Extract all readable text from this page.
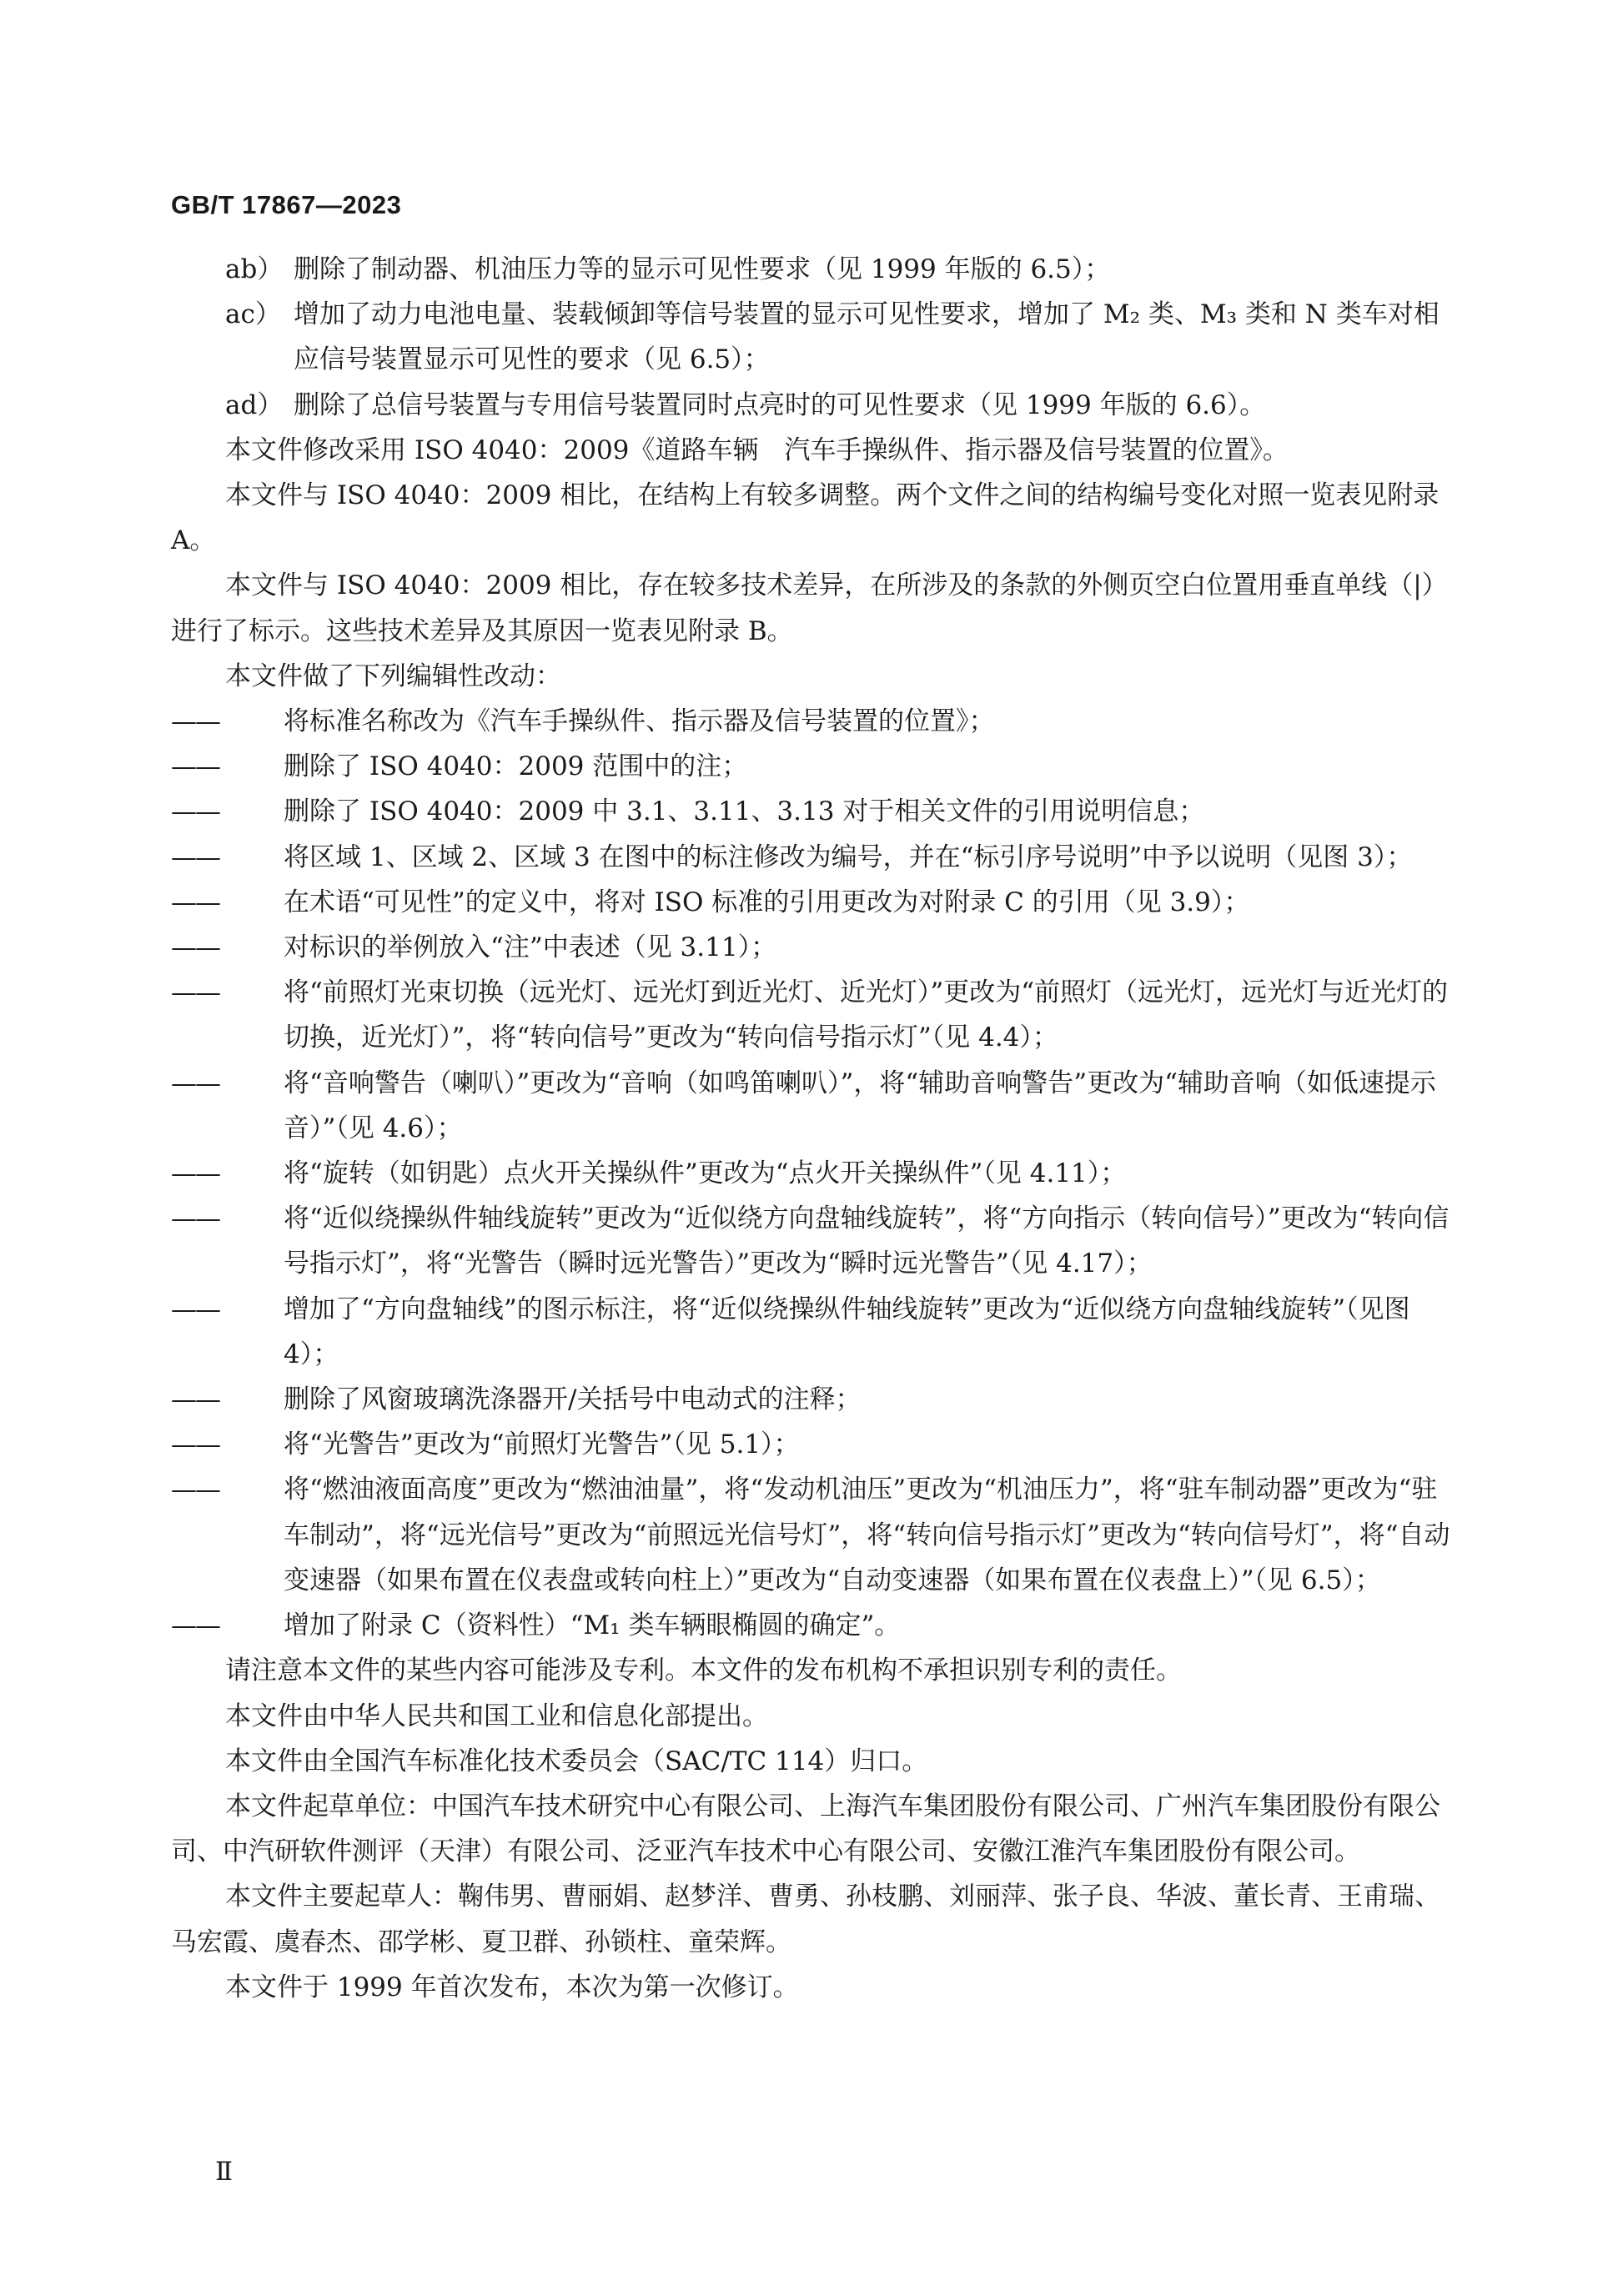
GB/T 17867—2023
ab） 删除了制动器、机油压力等的显示可见性要求（见 1999 年版的 6.5）；
ac） 增加了动力电池电量、装载倾卸等信号装置的显示可见性要求，增加了 M₂ 类、M₃ 类和 N 类车对相应信号装置显示可见性的要求（见 6.5）；
ad） 删除了总信号装置与专用信号装置同时点亮时的可见性要求（见 1999 年版的 6.6）。
本文件修改采用 ISO 4040：2009《道路车辆　汽车手操纵件、指示器及信号装置的位置》。
本文件与 ISO 4040：2009 相比，在结构上有较多调整。两个文件之间的结构编号变化对照一览表见附录 A。
本文件与 ISO 4040：2009 相比，存在较多技术差异，在所涉及的条款的外侧页空白位置用垂直单线（|）进行了标示。这些技术差异及其原因一览表见附录 B。
本文件做了下列编辑性改动：
—— 将标准名称改为《汽车手操纵件、指示器及信号装置的位置》；
—— 删除了 ISO 4040：2009 范围中的注；
—— 删除了 ISO 4040：2009 中 3.1、3.11、3.13 对于相关文件的引用说明信息；
—— 将区域 1、区域 2、区域 3 在图中的标注修改为编号，并在“标引序号说明”中予以说明（见图 3）；
—— 在术语“可见性”的定义中，将对 ISO 标准的引用更改为对附录 C 的引用（见 3.9）；
—— 对标识的举例放入“注”中表述（见 3.11）；
—— 将“前照灯光束切换（远光灯、远光灯到近光灯、近光灯）”更改为“前照灯（远光灯，远光灯与近光灯的切换，近光灯）”，将“转向信号”更改为“转向信号指示灯”（见 4.4）；
—— 将“音响警告（喇叭）”更改为“音响（如鸣笛喇叭）”，将“辅助音响警告”更改为“辅助音响（如低速提示音）”（见 4.6）；
—— 将“旋转（如钥匙）点火开关操纵件”更改为“点火开关操纵件”（见 4.11）；
—— 将“近似绕操纵件轴线旋转”更改为“近似绕方向盘轴线旋转”，将“方向指示（转向信号）”更改为“转向信号指示灯”，将“光警告（瞬时远光警告）”更改为“瞬时远光警告”（见 4.17）；
—— 增加了“方向盘轴线”的图示标注，将“近似绕操纵件轴线旋转”更改为“近似绕方向盘轴线旋转”（见图 4）；
—— 删除了风窗玻璃洗涤器开/关括号中电动式的注释；
—— 将“光警告”更改为“前照灯光警告”（见 5.1）；
—— 将“燃油液面高度”更改为“燃油油量”，将“发动机油压”更改为“机油压力”，将“驻车制动器”更改为“驻车制动”，将“远光信号”更改为“前照远光信号灯”，将“转向信号指示灯”更改为“转向信号灯”，将“自动变速器（如果布置在仪表盘或转向柱上）”更改为“自动变速器（如果布置在仪表盘上）”（见 6.5）；
—— 增加了附录 C（资料性）“M₁ 类车辆眼椭圆的确定”。
请注意本文件的某些内容可能涉及专利。本文件的发布机构不承担识别专利的责任。
本文件由中华人民共和国工业和信息化部提出。
本文件由全国汽车标准化技术委员会（SAC/TC 114）归口。
本文件起草单位：中国汽车技术研究中心有限公司、上海汽车集团股份有限公司、广州汽车集团股份有限公司、中汽研软件测评（天津）有限公司、泛亚汽车技术中心有限公司、安徽江淮汽车集团股份有限公司。
本文件主要起草人：鞠伟男、曹丽娟、赵梦洋、曹勇、孙枝鹏、刘丽萍、张子良、华波、董长青、王甫瑞、马宏霞、虞春杰、邵学彬、夏卫群、孙锁柱、童荣辉。
本文件于 1999 年首次发布，本次为第一次修订。
Ⅱ
